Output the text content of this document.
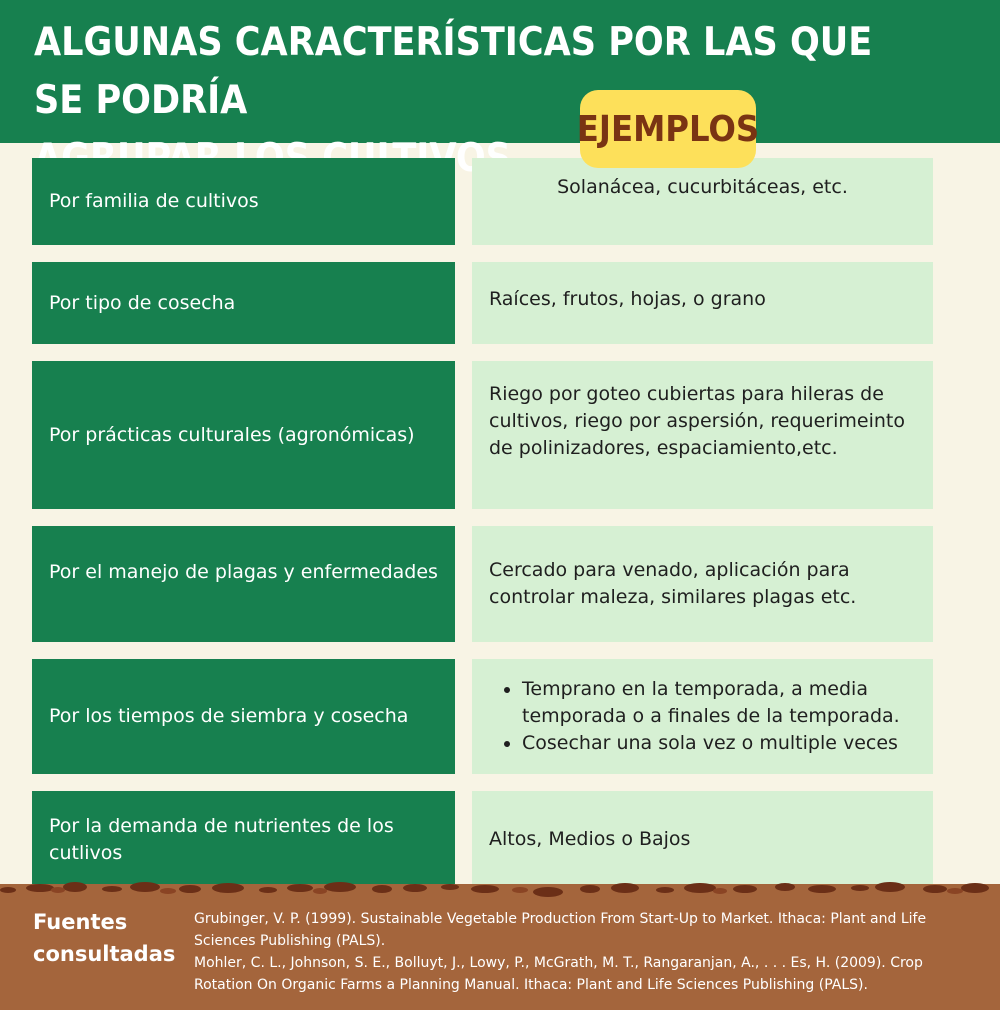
ALGUNAS CARACTERÍSTICAS POR LAS QUE SE PODRÍA

EJEMPLOS
Por familia de cultivos
Solanácea, cucurbitáceas, etc.
Por tipo de cosecha	Raíces, frutos, hojas, o grano
Por prácticas culturales (agronómicas)
Riego por goteo cubiertas para hileras de cultivos, riego por aspersión, requerimeinto de polinizadores, espaciamiento,etc.
Por el manejo de plagas y enfermedades	Cercado para venado, aplicación para controlar maleza, similares plagas etc.
Por los tiempos de siembra y cosecha
• Temprano en la temporada, a media temporada o a finales de la temporada.
• Cosechar una sola vez o multiple veces
Por la demanda de nutrientes de los cutlivos
Altos, Medios o Bajos
Fuentes consultadas

Grubinger, V. P. (1999). Sustainable Vegetable Production From Start-Up to Market. Ithaca: Plant and Life Sciences Publishing (PALS).

Mohler, C. L., Johnson, S. E., Bolluyt, J., Lowy, P., McGrath, M. T., Rangaranjan, A., . . . Es, H. (2009). Crop Rotation On Organic Farms a Planning Manual. Ithaca: Plant and Life Sciences Publishing (PALS).
